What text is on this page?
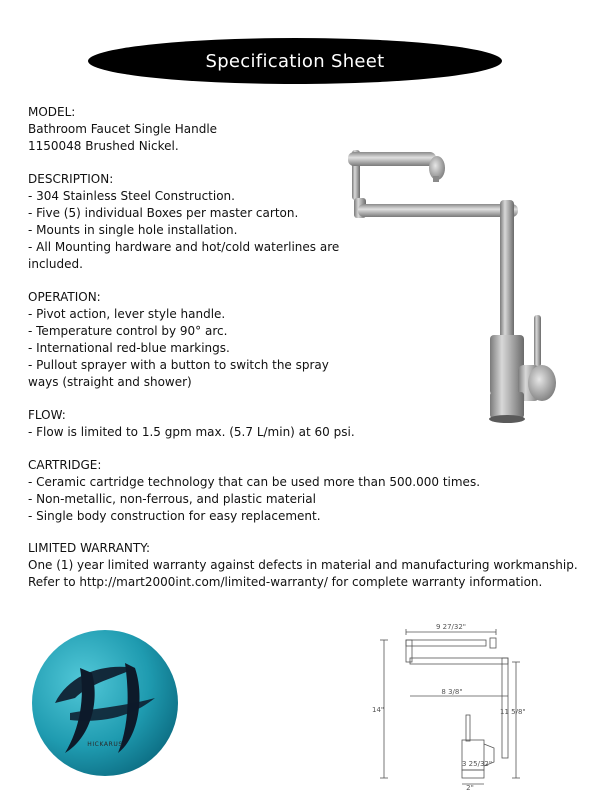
Specification Sheet
MODEL:
Bathroom Faucet Single Handle
1150048 Brushed Nickel.
DESCRIPTION:
- 304 Stainless Steel Construction.
- Five (5) individual Boxes per master carton.
- Mounts in single hole installation.
- All Mounting hardware and hot/cold waterlines are included.
OPERATION:
- Pivot action, lever style handle.
- Temperature control by 90° arc.
- International red-blue markings.
- Pullout sprayer with a button to switch the spray ways (straight and shower)
FLOW:
- Flow is limited to 1.5 gpm max. (5.7 L/min) at 60 psi.
CARTRIDGE:
- Ceramic cartridge technology that can be used more than 500.000 times.
- Non-metallic, non-ferrous, and plastic material
- Single body construction for easy replacement.
LIMITED WARRANTY:
One (1) year limited warranty against defects in material and manufacturing workmanship.
Refer to http://mart2000int.com/limited-warranty/ for complete warranty information.
HICKARUS
9 27/32"
8 3/8"
14"	11 5/8"
3 25/32"
2"
